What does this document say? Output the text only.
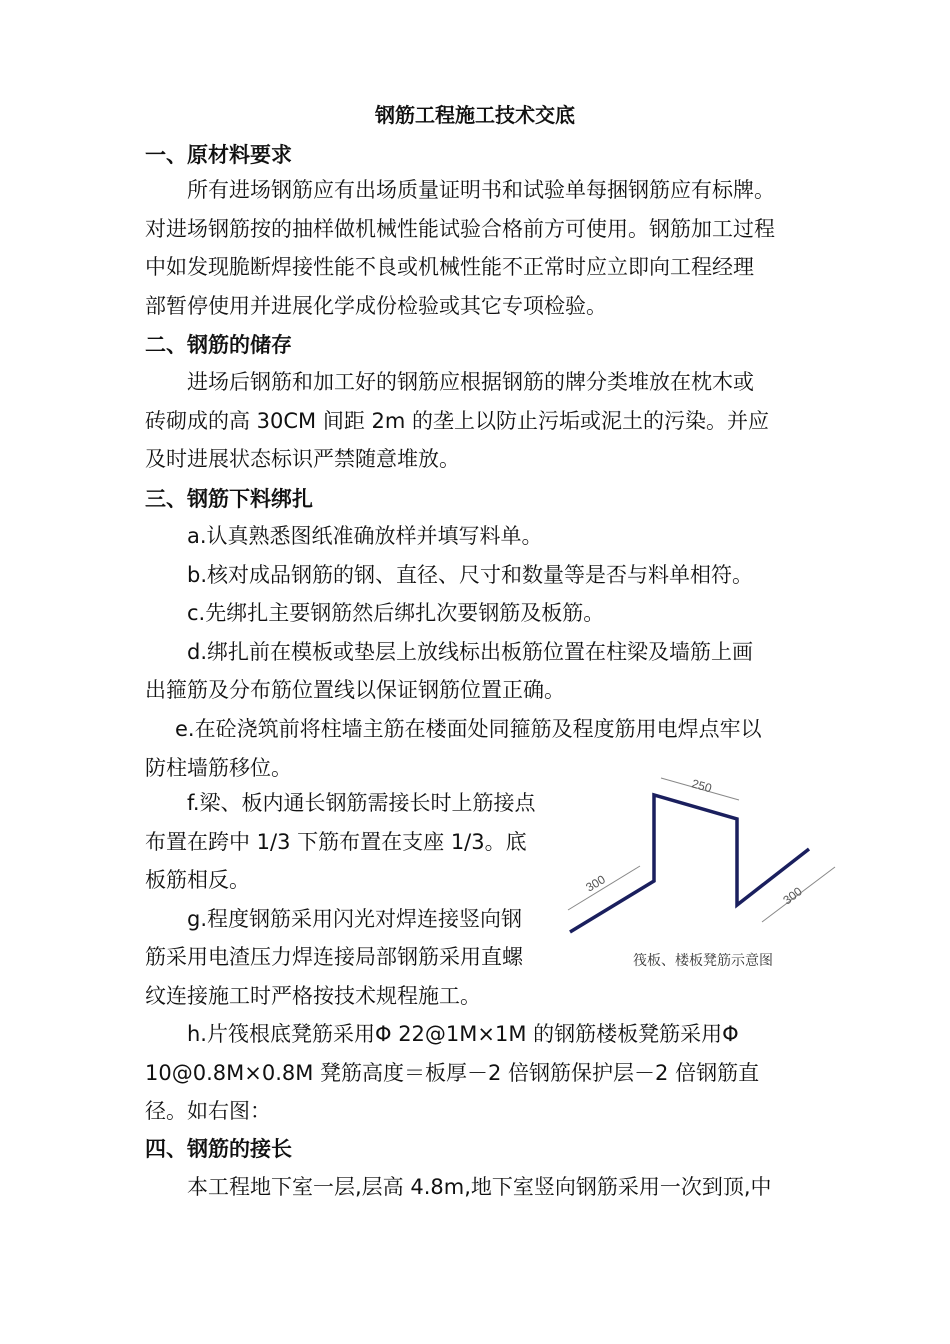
钢筋工程施工技术交底
一、原材料要求
所有进场钢筋应有出场质量证明书和试验单每捆钢筋应有标牌。
对进场钢筋按的抽样做机械性能试验合格前方可使用。钢筋加工过程
中如发现脆断焊接性能不良或机械性能不正常时应立即向工程经理
部暂停使用并进展化学成份检验或其它专项检验。
二、钢筋的储存
进场后钢筋和加工好的钢筋应根据钢筋的牌分类堆放在枕木或
砖砌成的高 30CM 间距 2m 的垄上以防止污垢或泥土的污染。并应
及时进展状态标识严禁随意堆放。
三、钢筋下料绑扎
a.认真熟悉图纸准确放样并填写料单。
b.核对成品钢筋的钢、直径、尺寸和数量等是否与料单相符。
c.先绑扎主要钢筋然后绑扎次要钢筋及板筋。
d.绑扎前在模板或垫层上放线标出板筋位置在柱梁及墙筋上画
出箍筋及分布筋位置线以保证钢筋位置正确。
e.在砼浇筑前将柱墙主筋在楼面处同箍筋及程度筋用电焊点牢以
防柱墙筋移位。
f.梁、板内通长钢筋需接长时上筋接点
布置在跨中 1/3 下筋布置在支座 1/3。底
板筋相反。
g.程度钢筋采用闪光对焊连接竖向钢
筋采用电渣压力焊连接局部钢筋采用直螺
纹连接施工时严格按技术规程施工。
h.片筏根底凳筋采用Φ 22@1M×1M 的钢筋楼板凳筋采用Φ
10@0.8M×0.8M 凳筋高度＝板厚－2 倍钢筋保护层－2 倍钢筋直
径。如右图：
250
300
300
筏板、楼板凳筋示意图
四、钢筋的接长
本工程地下室一层,层高 4.8m,地下室竖向钢筋采用一次到顶,中
